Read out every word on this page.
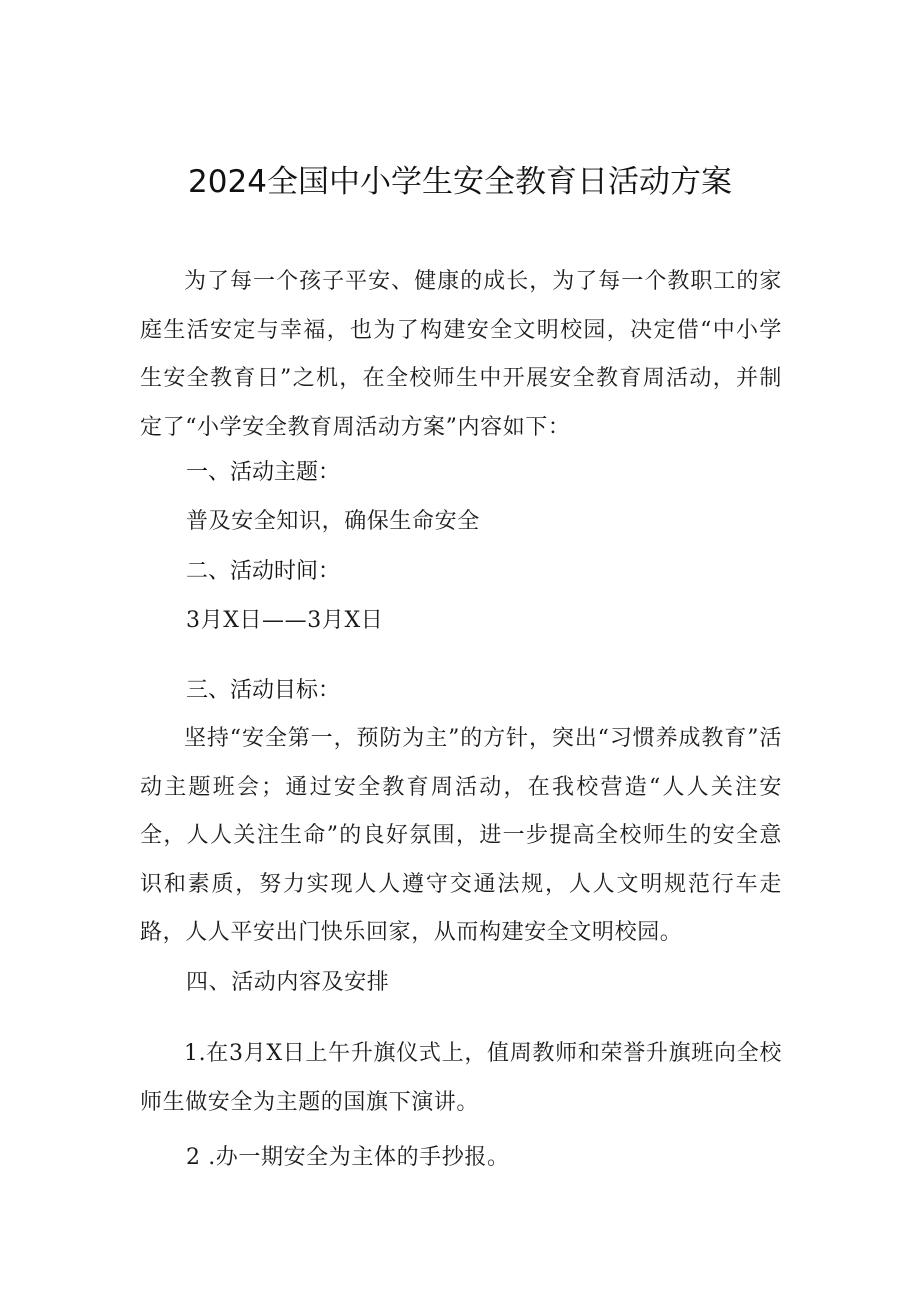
2024全国中小学生安全教育日活动方案

为了每一个孩子平安、健康的成长，为了每一个教职工的家庭生活安定与幸福，也为了构建安全文明校园，决定借“中小学生安全教育日”之机，在全校师生中开展安全教育周活动，并制定了“小学安全教育周活动方案”内容如下：

一、活动主题：

普及安全知识，确保生命安全

二、活动时间：

3月X日——3月X日

三、活动目标：

坚持“安全第一，预防为主”的方针，突出“习惯养成教育”活动主题班会；通过安全教育周活动，在我校营造“人人关注安全，人人关注生命”的良好氛围，进一步提高全校师生的安全意识和素质，努力实现人人遵守交通法规，人人文明规范行车走路，人人平安出门快乐回家，从而构建安全文明校园。

四、活动内容及安排

1.在3月X日上午升旗仪式上，值周教师和荣誉升旗班向全校师生做安全为主题的国旗下演讲。

2 .办一期安全为主体的手抄报。
